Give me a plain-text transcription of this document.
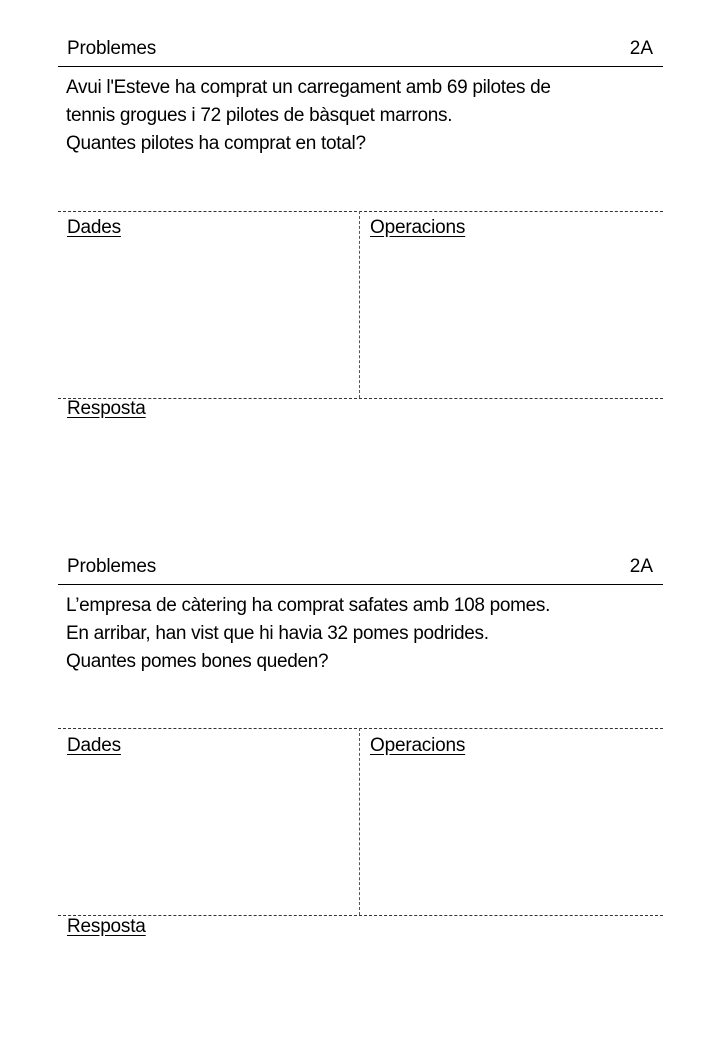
Problemes	2A
Avui l'Esteve ha comprat un carregament amb 69 pilotes de
tennis grogues i 72 pilotes de bàsquet marrons.
Quantes pilotes ha comprat en total?
Dades	Operacions
Resposta
Problemes	2A
L’empresa de càtering ha comprat safates amb 108 pomes.
En arribar, han vist que hi havia 32 pomes podrides.
Quantes pomes bones queden?
Dades	Operacions
Resposta
